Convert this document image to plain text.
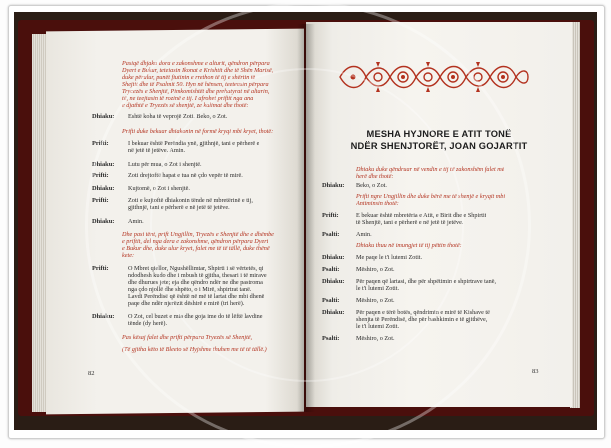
MESHA HYJNORE E ATIT TONË
NDËR SHENJTORËT, JOAN GOJARTIT
Pasiqë dhjaku dora e zakonshme e alturit, qëndron përpara
Dyert e Bukur, teteiasin Ikonat e Krishtit dhe të Shën Marisë,
duke përulur, punët fiutinin e rrethon të tij e shërtin të
Shejtit dhe të Psalmit 50. Hyn në hënsen, teeteasin përpara
Trycezës e Shenjtë, Pimkomishtët dhe prehatyrat në altarin,
të, ne teejtasin të rozinë e tij. I afrohet priftit nga ana
e djathtë e Tryezës së shenjtë, ze kalimat dhe thotë:
Dhiaku: Eshtë koha të veprojë Zoti. Beko, o Zot.
Prifti duke bekuar dhiakonin në formë kryqi mbi kryet, thotë:
Prifti:	I bekuar është Perëndia ynë, gjithnjë, tani e përherë e
në jetë të jetëve. Amin.
Dhiaku: Lutu për mua, o Zot i shenjtë.
Prifti:	Zoti drejtoftë hapat e tua në çdo vepër të mirë.
Dhiaku: Kujtomë, o Zot i shenjtë.
Prifti:	Zoti e kujtoftë dhiakonin tënde në mbretërinë e tij,
gjithnjë, tani e përherë e në jetë të jetëve.
Dhiaku: Amin.
Dhe pasi tënt, prift Ungjillin, Tryezës e Shenjtë dhe e dhëmbe
e priftit, del nga dera e zakonshme, qëndron përpara Dyert
e Bukur dhe, duke ulur kryet, falet me të të tällë, duke thënë
kete:
Prifti:	O Mbret qiellor, Ngushëllimtar, Shpirti i së vërtetës, qi
ndodhesh kudo dhe i mbush të gjitha, thesari i të mirave
dhe dhurues jete; eja dhe qëndro ndër ne dhe pastroma
nga çdo njollë dhe shpëto, o i Mirë, shpirtrat tanë.
Lavdi Perëndisë që është në më të lartat dhe mbi dhenë
paqe dhe ndër njerëzit dëshirë e mirë (tri herë).
Dhiaku: O Zot, cel buzet e mia dhe goja ime do të lëftë lavdine
tënde (dy herë).
Pas kësaj falet dhe prifti përpara Tryezës së Shenjtë,
(Të gjitha këto të Bleeto së Hyjshme thuhen me të të tällë.)
Dhiaku duke qëndruar në vendin e tij të zakonshëm falet më
herë dhe thotë:
Dhiaku: Beko, o Zot.
Prifti ngre Ungjillin dhe duke bërë me të shenjë e kryqit mbi
Antiminsin thotë:
Prifti:	E bekuar është mbretëria e Atit, e Birit dhe e Shpirtit
të Shenjtë, tani e përherë e në jetë të jetëve.
Psalti:	Amin.
Dhiaku thuu në imungjet të tij pëttin thotë:
Dhiaku: Me paqe le t'i lutemi Zotit.
Psalti:	Mëshiro, o Zot.
Dhiaku: Për paqen që lartasi, dhe për shpëtimin e shpirtrave tanë,
le t'i lutemi Zotit.
Psalti:	Mëshiro, o Zot.
Dhiaku: Për paqen e tërë botës, qëndrimin e mirë të Kishave të
shenjta të Perëndisë, dhe për bashkimin e të gjithëve,
le t'i lutemi Zotit.
Psalti:	Mëshiro, o Zot.
82	83
